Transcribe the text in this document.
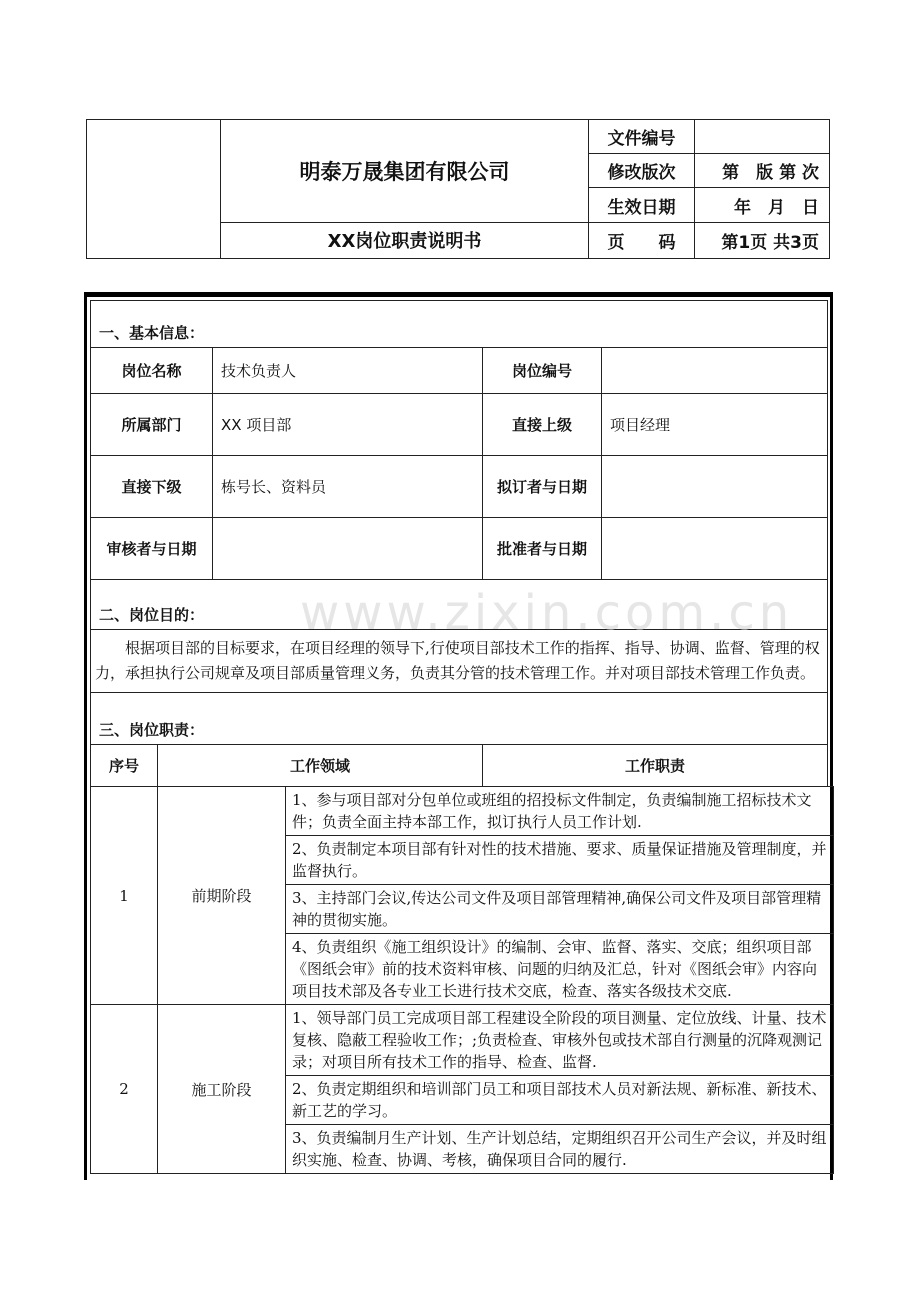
	明泰万晟集团有限公司	文件编号	
		修改版次	第　版 第 次
		生效日期	年　月　日
	XX岗位职责说明书	页　　码	第1页 共3页
一、基本信息：				
岗位名称		技术负责人	岗位编号	
所属部门		XX 项目部	直接上级	项目经理
直接下级		栋号长、资料员	拟订者与日期	
审核者与日期			批准者与日期	
二、岗位目的：				
根据项目部的目标要求，在项目经理的领导下,行使项目部技术工作的指挥、指导、协调、监督、管理的权力，承担执行公司规章及项目部质量管理义务，负责其分管的技术管理工作。并对项目部技术管理工作负责。				
三、岗位职责：				
序号	工作领域		工作职责	
1	前期阶段	1、参与项目部对分包单位或班组的招投标文件制定，负责编制施工招标技术文件；负责全面主持本部工作，拟订执行人员工作计划.
		2、负责制定本项目部有针对性的技术措施、要求、质量保证措施及管理制度，并监督执行。
		3、主持部门会议,传达公司文件及项目部管理精神,确保公司文件及项目部管理精神的贯彻实施。
		4、负责组织《施工组织设计》的编制、会审、监督、落实、交底；组织项目部《图纸会审》前的技术资料审核、问题的归纳及汇总，针对《图纸会审》内容向项目技术部及各专业工长进行技术交底，检查、落实各级技术交底.
2	施工阶段	1、领导部门员工完成项目部工程建设全阶段的项目测量、定位放线、计量、技术复核、隐蔽工程验收工作；;负责检查、审核外包或技术部自行测量的沉降观测记录；对项目所有技术工作的指导、检查、监督.
		2、负责定期组织和培训部门员工和项目部技术人员对新法规、新标准、新技术、新工艺的学习。
		3、负责编制月生产计划、生产计划总结，定期组织召开公司生产会议，并及时组织实施、检查、协调、考核，确保项目合同的履行.
www.zixin.com.cn
